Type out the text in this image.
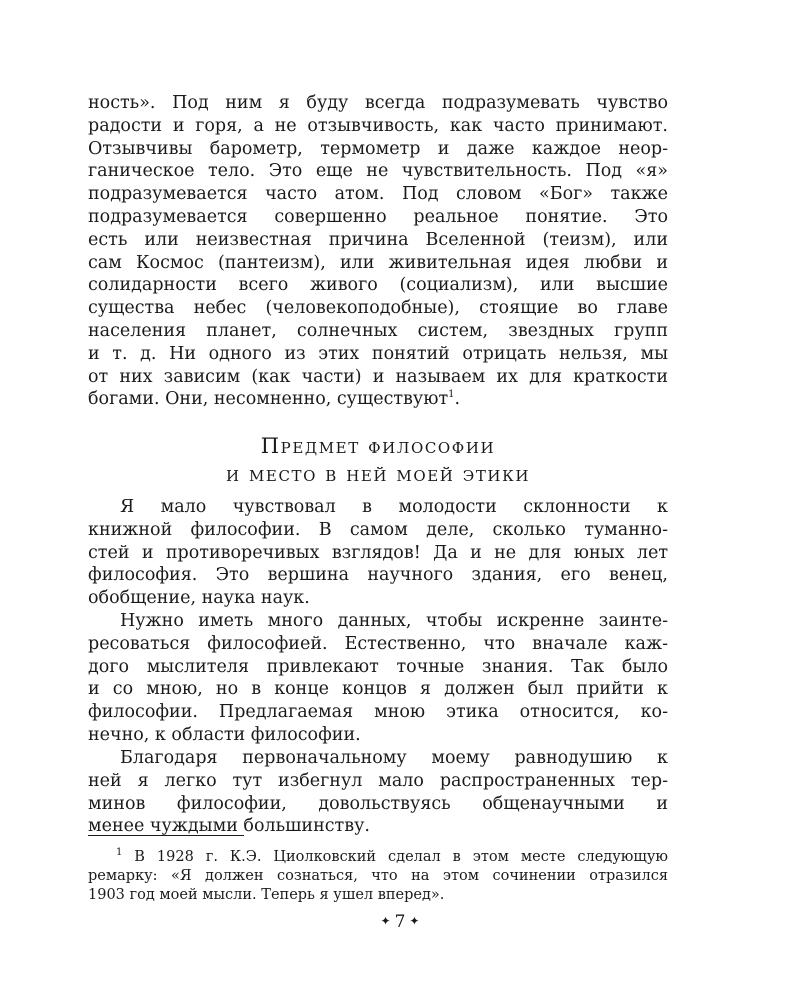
ность». Под ним я буду всегда подразумевать чувство
радости и горя, а не отзывчивость, как часто принимают.
Отзывчивы барометр, термометр и даже каждое неор-
ганическое тело. Это еще не чувствительность. Под «я»
подразумевается часто атом. Под словом «Бог» также
подразумевается совершенно реальное понятие. Это
есть или неизвестная причина Вселенной (теизм), или
сам Космос (пантеизм), или живительная идея любви и
солидарности всего живого (социализм), или высшие
существа небес (человекоподобные), стоящие во главе
населения планет, солнечных систем, звездных групп
и т. д. Ни одного из этих понятий отрицать нельзя, мы
от них зависим (как части) и называем их для краткости
богами. Они, несомненно, существуют$^1$.
Предмет философии
и место в ней моей этики
Я мало чувствовал в молодости склонности к
книжной философии. В самом деле, сколько туманно-
стей и противоречивых взглядов! Да и не для юных лет
философия. Это вершина научного здания, его венец,
обобщение, наука наук.
Нужно иметь много данных, чтобы искренне заинте-
ресоваться философией. Естественно, что вначале каж-
дого мыслителя привлекают точные знания. Так было
и со мною, но в конце концов я должен был прийти к
философии. Предлагаемая мною этика относится, ко-
нечно, к области философии.
Благодаря первоначальному моему равнодушию к
ней я легко тут избегнул мало распространенных тер-
минов философии, довольствуясь общенаучными и
менее чуждыми большинству.
$^1$ В 1928 г. К.Э. Циолковский сделал в этом месте следующую
ремарку: «Я должен сознаться, что на этом сочинении отразился
1903 год моей мысли. Теперь я ушел вперед».
✦ 7 ✦
